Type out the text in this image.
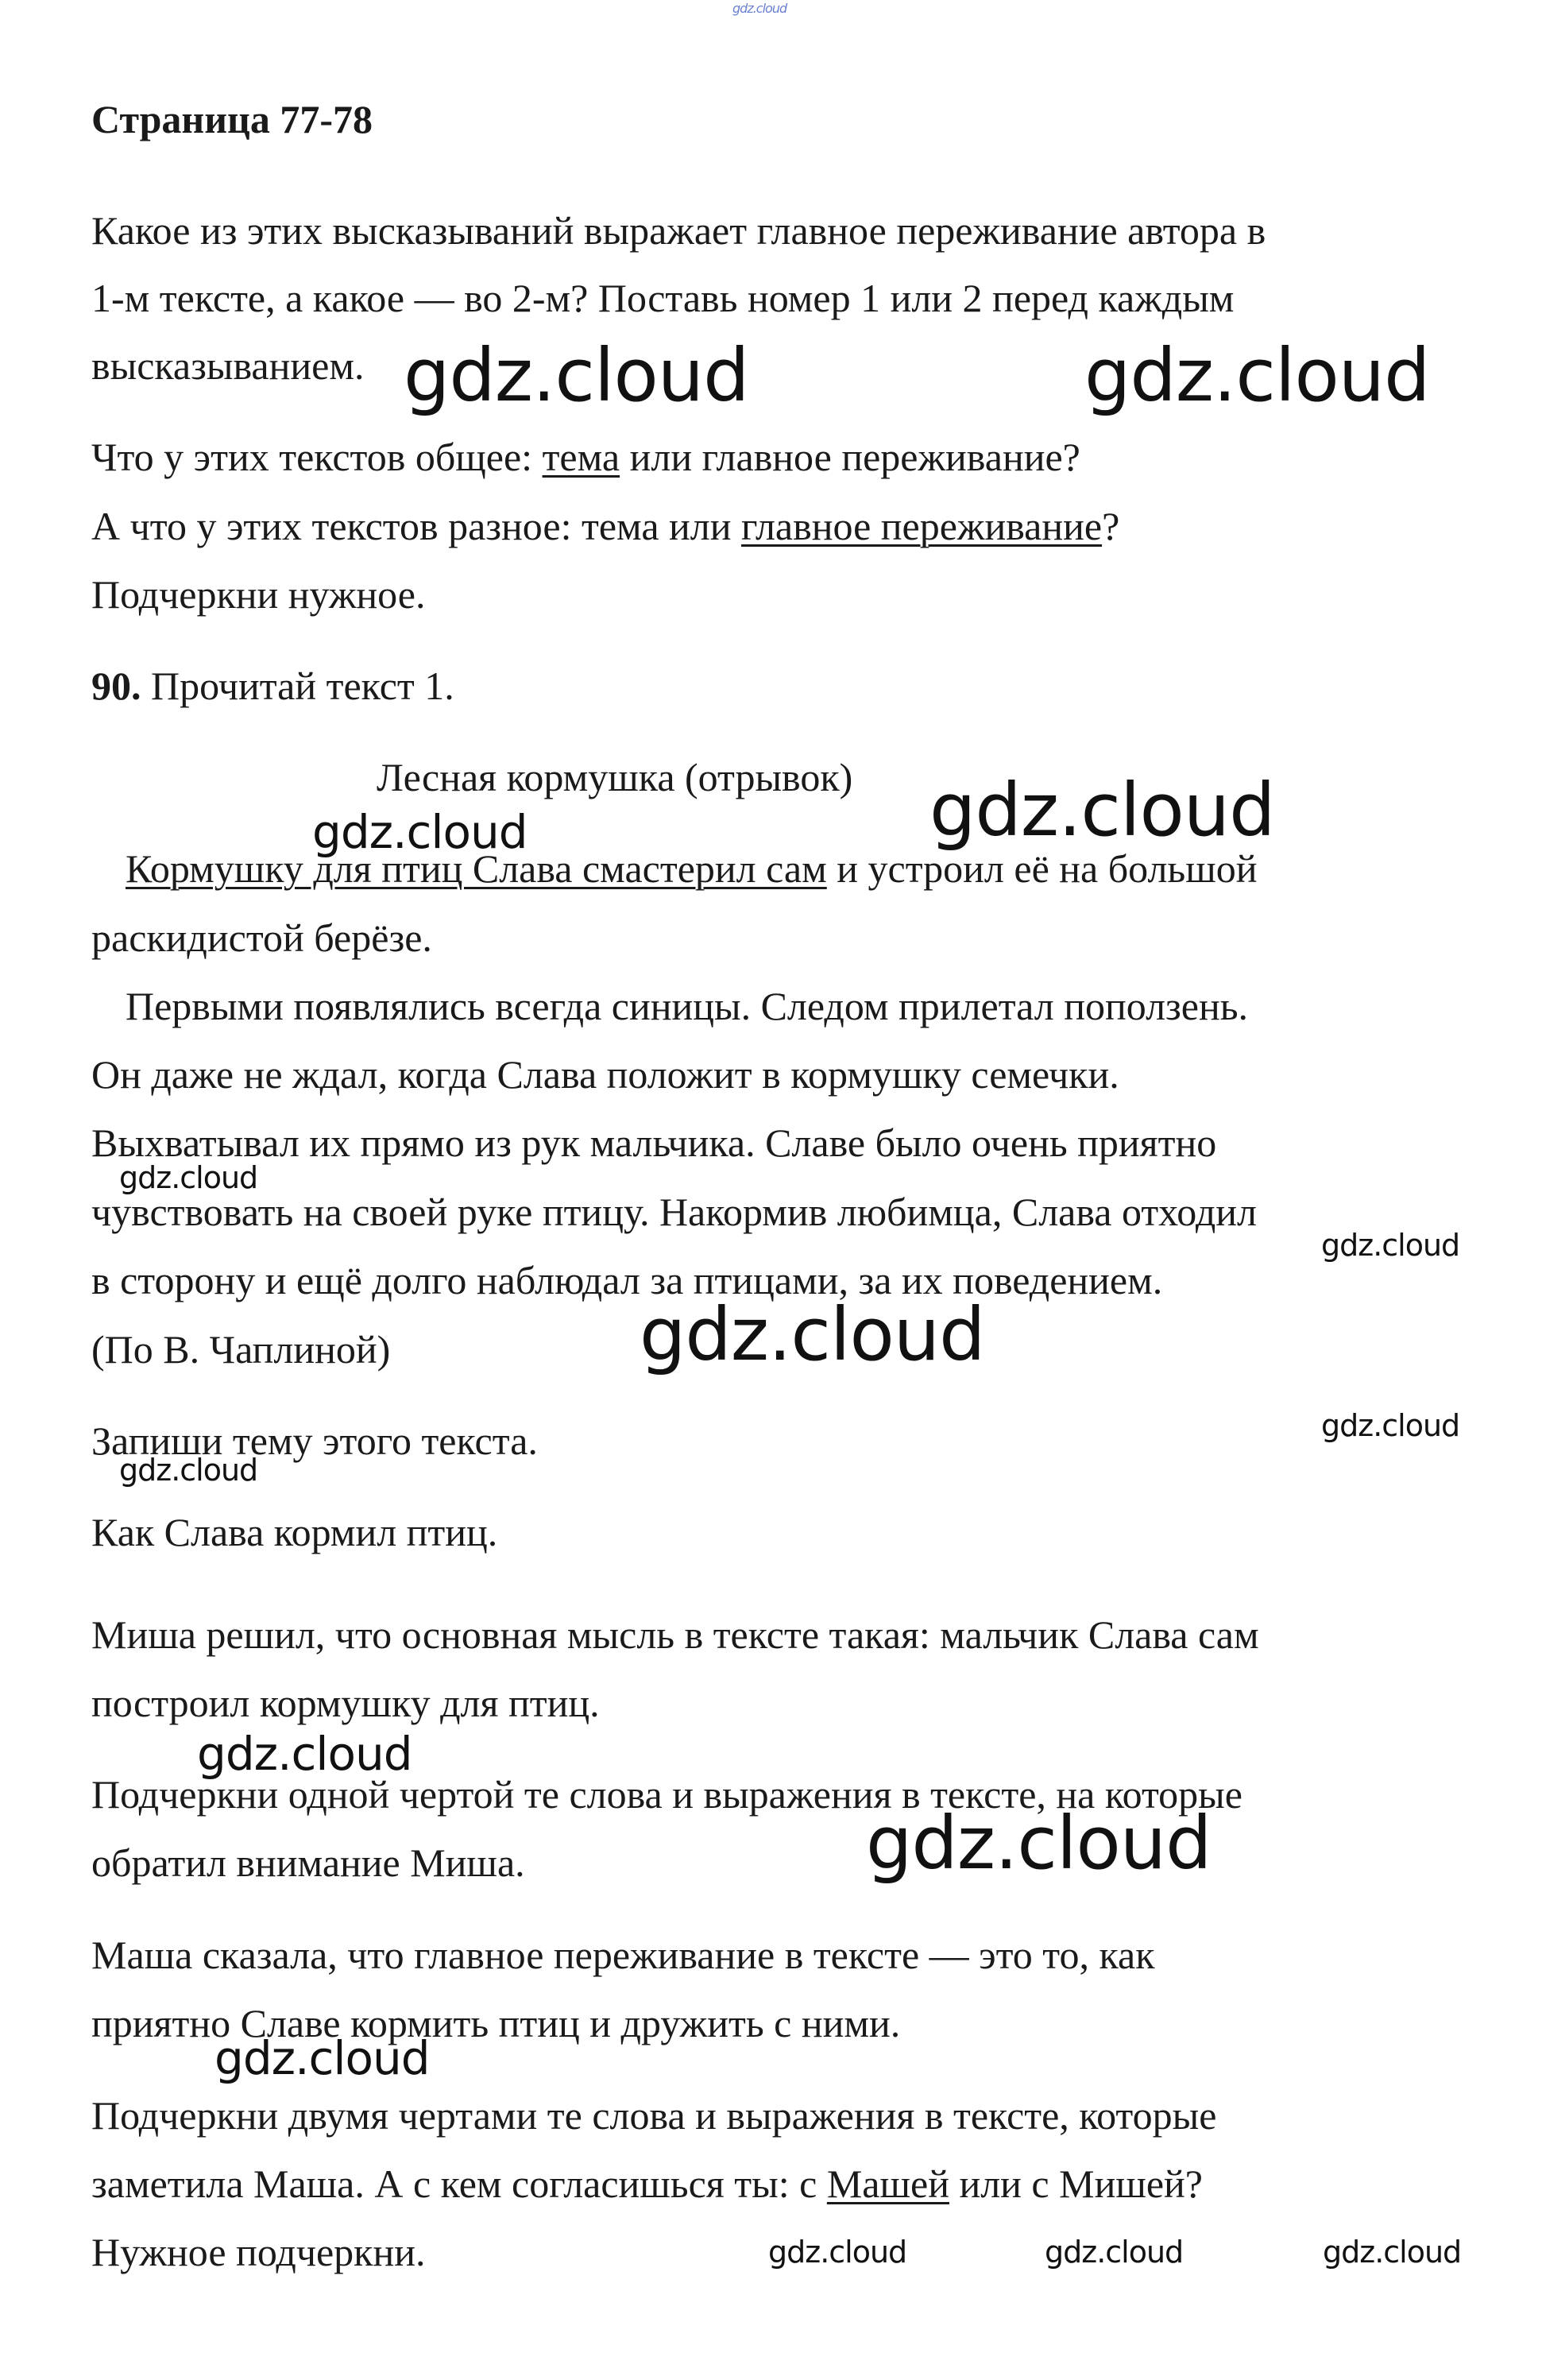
gdz.cloud
Страница 77-78
Какое из этих высказываний выражает главное переживание автора в
1-м тексте, а какое — во 2-м? Поставь номер 1 или 2 перед каждым
высказыванием.
Что у этих текстов общее: тема или главное переживание?
А что у этих текстов разное: тема или главное переживание?
Подчеркни нужное.
90. Прочитай текст 1.
Лесная кормушка (отрывок)
Кормушку для птиц Слава смастерил сам и устроил её на большой
раскидистой берёзе.
Первыми появлялись всегда синицы. Следом прилетал поползень.
Он даже не ждал, когда Слава положит в кормушку семечки.
Выхватывал их прямо из рук мальчика. Славе было очень приятно
чувствовать на своей руке птицу. Накормив любимца, Слава отходил
в сторону и ещё долго наблюдал за птицами, за их поведением.
(По В. Чаплиной)
Запиши тему этого текста.
Как Слава кормил птиц.
Миша решил, что основная мысль в тексте такая: мальчик Слава сам
построил кормушку для птиц.
Подчеркни одной чертой те слова и выражения в тексте, на которые
обратил внимание Миша.
Маша сказала, что главное переживание в тексте — это то, как
приятно Славе кормить птиц и дружить с ними.
Подчеркни двумя чертами те слова и выражения в тексте, которые
заметила Маша. А с кем согласишься ты: с Машей или с Мишей?
Нужное подчеркни.
gdz.cloud	gdz.cloud
gdz.cloud
gdz.cloud
gdz.cloud
gdz.cloud
gdz.cloud
gdz.cloud
gdz.cloud
gdz.cloud
gdz.cloud
gdz.cloud
gdz.cloud	gdz.cloud	gdz.cloud
